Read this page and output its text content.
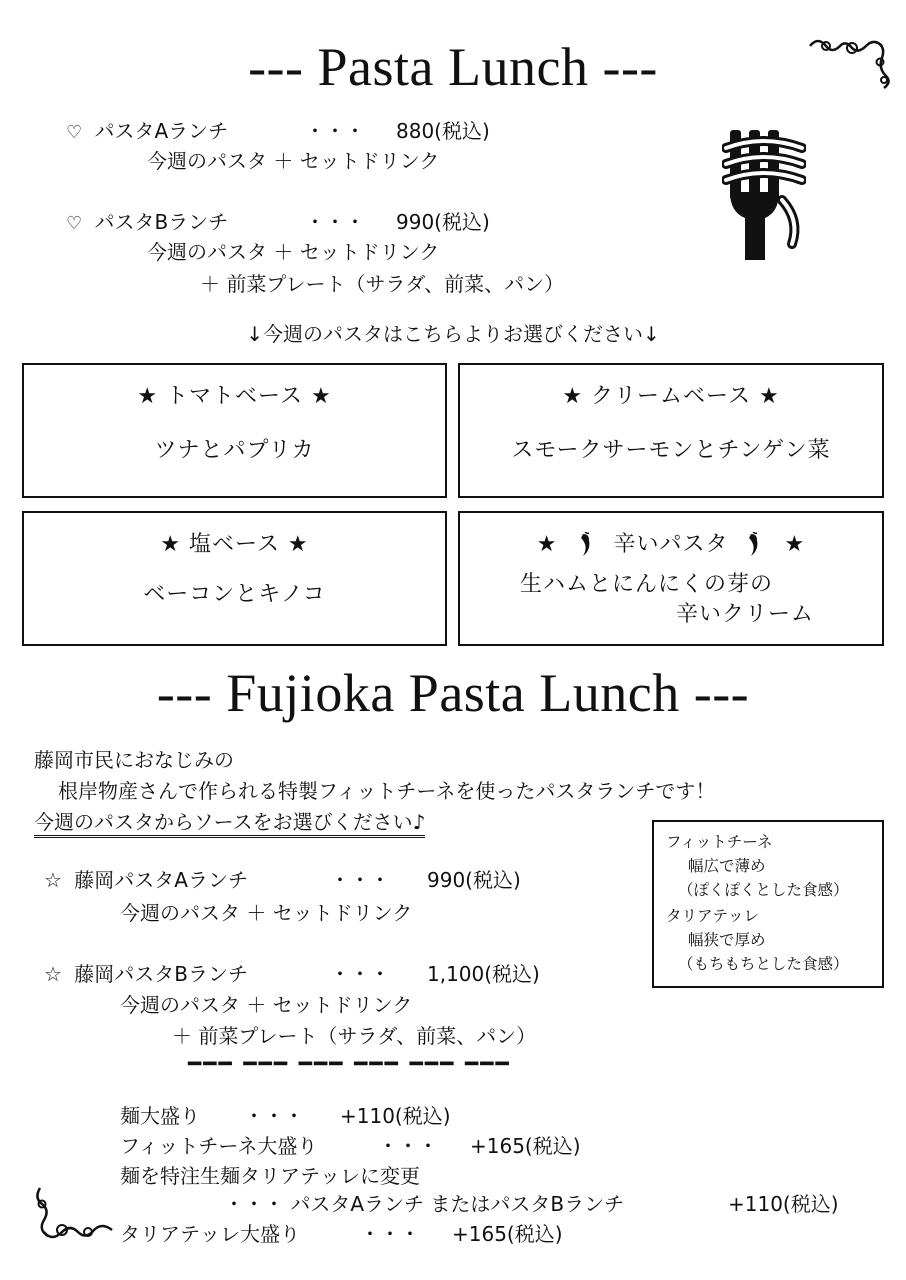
--- Pasta Lunch ---
♡ パスタAランチ	・・・ 880(税込)
今週のパスタ ＋ セットドリンク
♡ パスタBランチ	・・・ 990(税込)
今週のパスタ ＋ セットドリンク
＋ 前菜プレート（サラダ、前菜、パン）
↓今週のパスタはこちらよりお選びください↓
★ トマトベース ★
ツナとパプリカ
★ クリームベース ★
スモークサーモンとチンゲン菜
★ 塩ベース ★
ベーコンとキノコ
★	辛いパスタ	★
生ハムとにんにくの芽の
辛いクリーム
--- Fujioka Pasta Lunch ---
藤岡市民におなじみの
根岸物産さんで作られる特製フィットチーネを使ったパスタランチです！
今週のパスタからソースをお選びください♪
フィットチーネ
幅広で薄め
（ぽくぽくとした食感）
タリアテッレ
幅狭で厚め
（もちもちとした食感）
☆ 藤岡パスタAランチ	・・・ 990(税込)
今週のパスタ ＋ セットドリンク
☆ 藤岡パスタBランチ	・・・ 1,100(税込)
今週のパスタ ＋ セットドリンク
＋ 前菜プレート（サラダ、前菜、パン）
━━━ ━━━ ━━━ ━━━ ━━━ ━━━
麺大盛り ・・・ +110(税込)
フィットチーネ大盛り	・・・ +165(税込)
麺を特注生麺タリアテッレに変更
・・・ パスタAランチ またはパスタBランチ	+110(税込)
タリアテッレ大盛り	・・・ +165(税込)
